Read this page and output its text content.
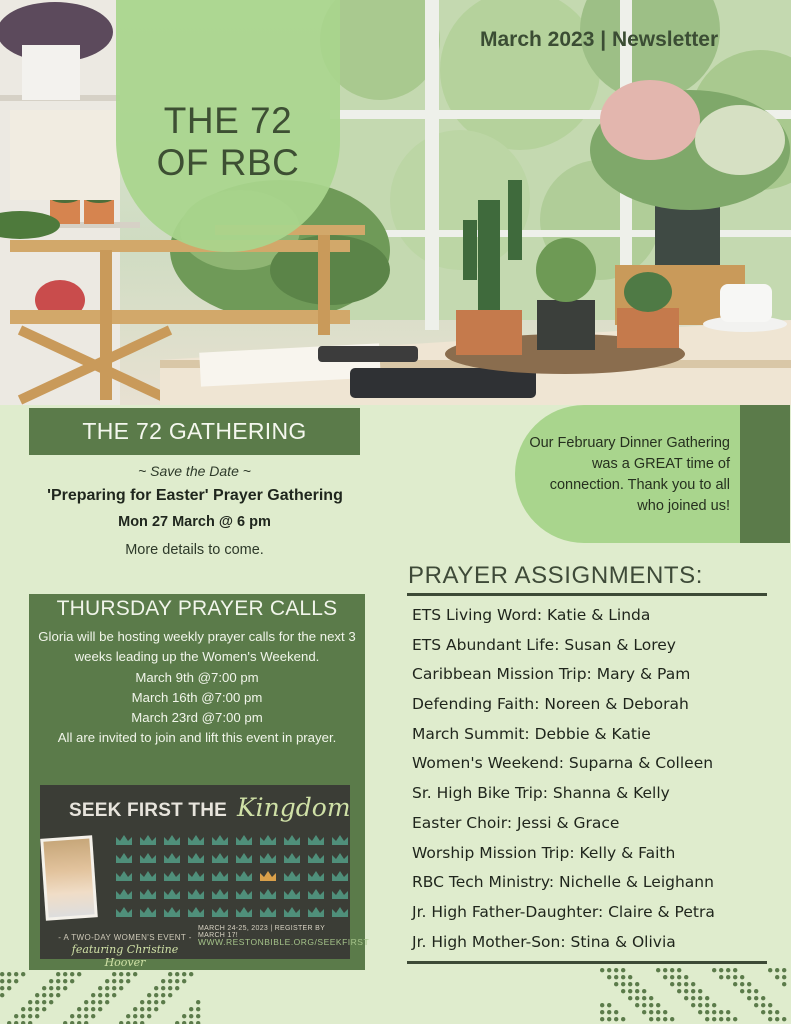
THE 72
OF RBC
March 2023 | Newsletter
THE 72 GATHERING
~ Save the Date ~
'Preparing for Easter' Prayer Gathering
Mon 27 March @ 6 pm
More details to come.
Our February Dinner Gathering was a GREAT time of connection. Thank you to all who joined us!
THURSDAY PRAYER CALLS
Gloria will be hosting weekly prayer calls for the next 3 weeks leading up the Women's Weekend.
March 9th @7:00 pm
March 16th @7:00 pm
March 23rd @7:00 pm
All are invited to join and lift this event in prayer.
SEEK FIRST THE Kingdom
- A TWO-DAY WOMEN'S EVENT -
featuring Christine Hoover
MARCH 24-25, 2023 | REGISTER BY MARCH 17!
WWW.RESTONBIBLE.ORG/SEEKFIRST
PRAYER ASSIGNMENTS:
ETS Living Word: Katie & Linda
ETS Abundant Life: Susan & Lorey
Caribbean Mission Trip: Mary & Pam
Defending Faith: Noreen & Deborah
March Summit: Debbie & Katie
Women's Weekend: Suparna & Colleen
Sr. High Bike Trip: Shanna & Kelly
Easter Choir: Jessi & Grace
Worship Mission Trip: Kelly & Faith
RBC Tech Ministry: Nichelle & Leighann
Jr. High Father-Daughter: Claire & Petra
Jr. High Mother-Son: Stina & Olivia
